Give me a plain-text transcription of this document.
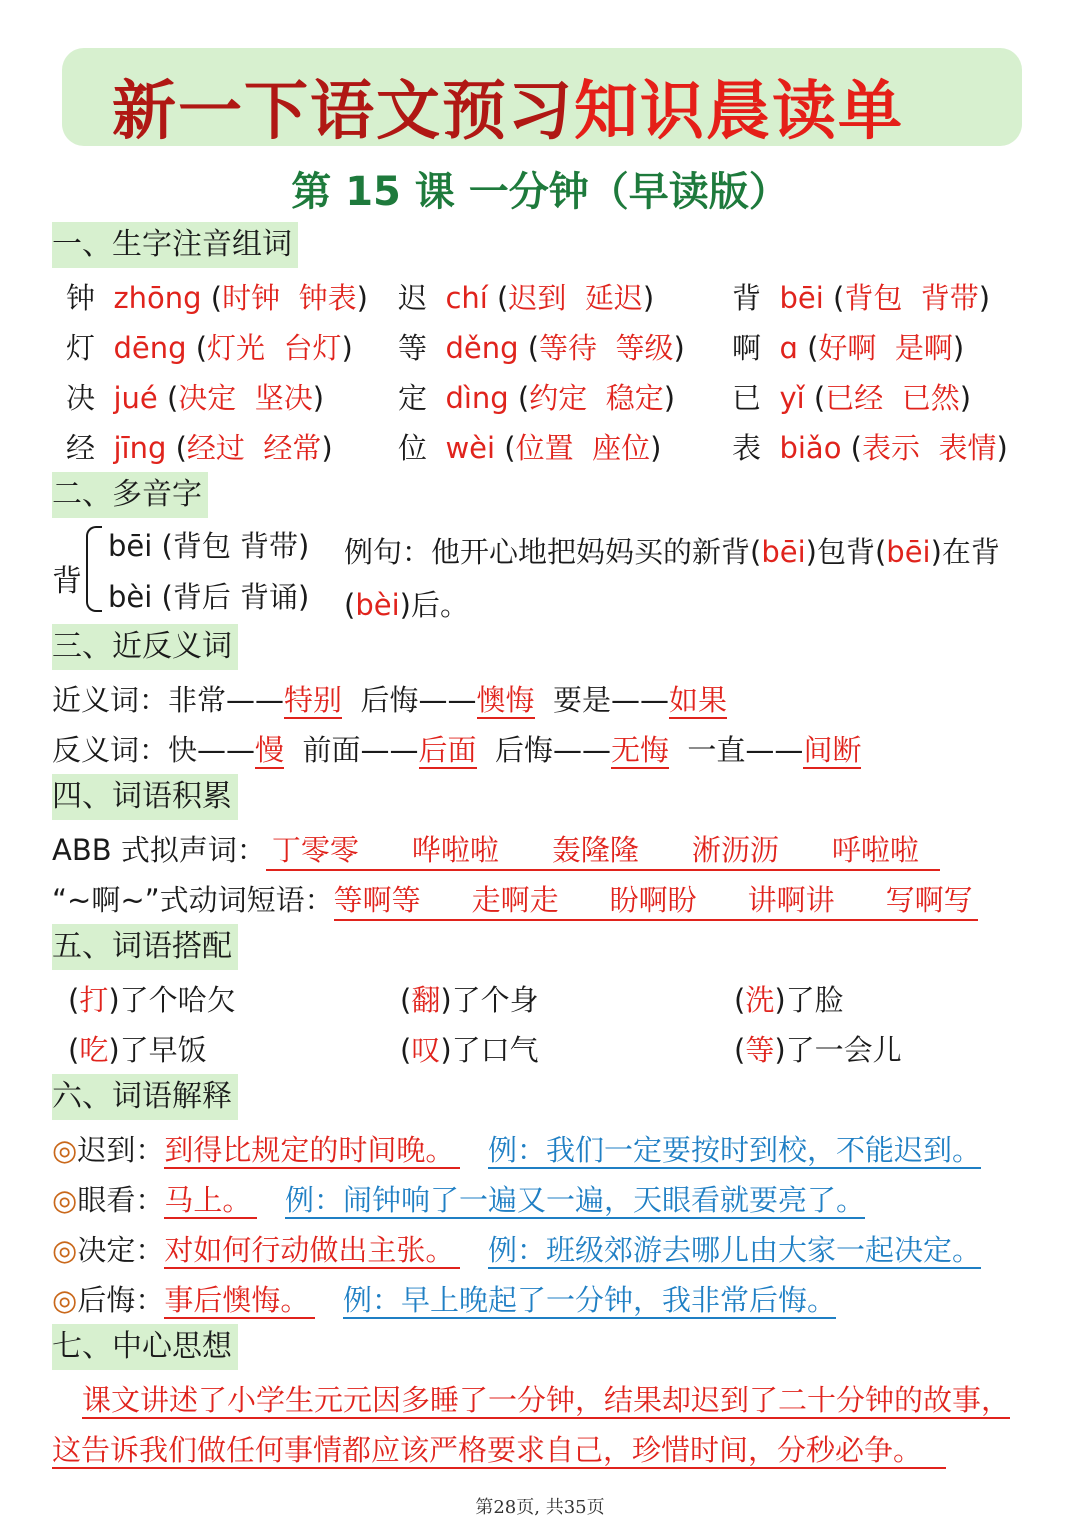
新一下语文预习知识晨读单
第 15 课 一分钟（早读版）
一、生字注音组词
钟 zhōng (时钟 钟表) 迟 chí (迟到 延迟)	背 bēi (背包 背带)
灯 dēng (灯光 台灯) 等 děng (等待 等级) 啊 ɑ (好啊 是啊)
决 jué (决定 坚决)	定 dìng (约定 稳定) 已 yǐ (已经 已然)
经 jīng (经过 经常) 位 wèi (位置 座位) 表 biǎo (表示 表情)
二、多音字
背
bēi (背包 背带)
bèi (背后 背诵)
例句：他开心地把妈妈买的新背(bēi)包背(bēi)在背
(bèi)后。
三、近反义词
近义词：非常——特别 后悔——懊悔 要是——如果
反义词：快——慢 前面——后面 后悔——无悔 一直——间断
四、词语积累
ABB 式拟声词： 丁零零 哗啦啦 轰隆隆 淅沥沥 呼啦啦
“~啊~”式动词短语：等啊等 走啊走 盼啊盼 讲啊讲 写啊写
五、词语搭配
(打)了个哈欠	(翻)了个身	(洗)了脸
(吃)了早饭	(叹)了口气	(等)了一会儿
六、词语解释
◎迟到：到得比规定的时间晚。 例：我们一定要按时到校，不能迟到。
◎眼看：马上。 例：闹钟响了一遍又一遍，天眼看就要亮了。
◎决定：对如何行动做出主张。 例：班级郊游去哪儿由大家一起决定。
◎后悔：事后懊悔。 例：早上晚起了一分钟，我非常后悔。
七、中心思想
课文讲述了小学生元元因多睡了一分钟，结果却迟到了二十分钟的故事，
这告诉我们做任何事情都应该严格要求自己，珍惜时间，分秒必争。
第28页, 共35页
